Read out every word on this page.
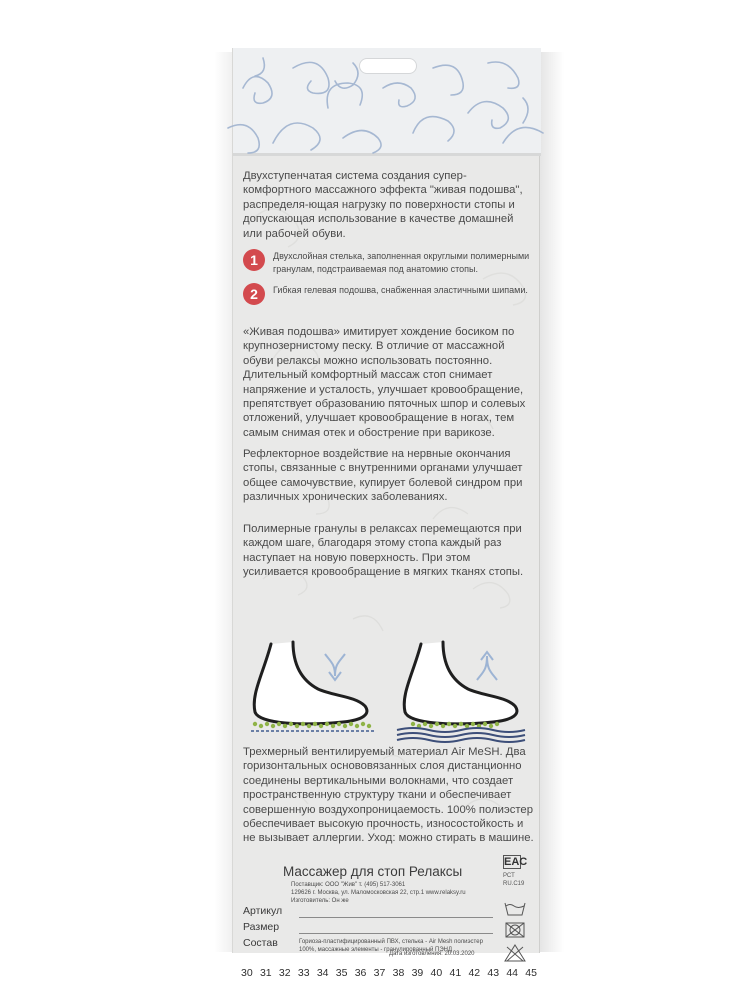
Двухступенчатая система создания супер-комфортного массажного эффекта "живая подошва", распределя-ющая нагрузку по поверхности стопы и допускающая использование в качестве домашней или рабочей обуви.

1	Двухслойная стелька, заполненная округлыми полимерными гранулам, подстраиваемая под анатомию стопы.
2	Гибкая гелевая подошва, снабженная эластичными шипами.

«Живая подошва» имитирует хождение босиком по крупнозернистому песку. В отличие от массажной обуви релаксы можно использовать постоянно. Длительный комфортный массаж стоп снимает напряжение и усталость, улучшает кровообращение, препятствует образованию пяточных шпор и солевых отложений, улучшает кровообращение в ногах, тем самым снимая отек и обострение при варикозе.

Рефлекторное воздействие на нервные окончания стопы, связанные с внутренними органами улучшает общее самочувствие, купирует болевой синдром при различных хронических заболеваниях.

Полимерные гранулы в релаксах перемещаются при каждом шаге, благодаря этому стопа каждый раз наступает на новую поверхность. При этом усиливается кровообращение в мягких тканях стопы.

Трехмерный вентилируемый материал Air MeSH. Два горизонтальных основовязанных слоя дистанционно соединены вертикальными волокнами, что создает пространственную структуру ткани и обеспечивает совершенную воздухопроницаемость. 100% полиэстер обеспечивает высокую прочность, износостойкость и не вызывает аллергии. Уход: можно стирать в машине.

Массажер для стоп Релаксы
Поставщик: ООО "Жив" т. (495) 517-3061
129626 г. Москва, ул. Маломосковская 22, стр.1 www.relaksy.ru
Изготовитель: Он же
Артикул
Размер
Состав	Гориоза-пластифицированный ПВХ, стелька - Air Mesh полиэстер 100%, массажные элементы - гранулированный ПЭНД
Дата изготовления: 20.03.2020
EAC
РСТ
RU.C19
30 31 32 33 34 35 36 37 38 39 40 41 42 43 44 45
